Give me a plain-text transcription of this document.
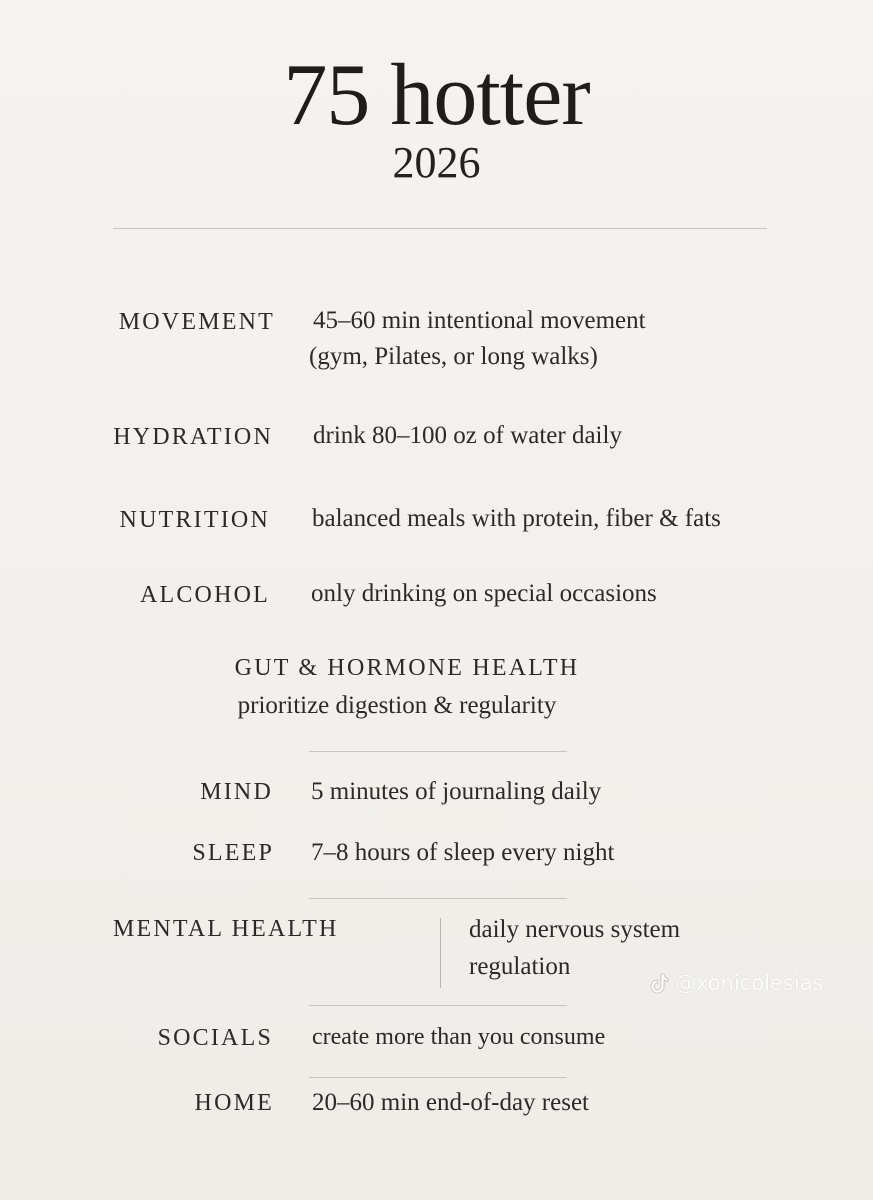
75 hotter
2026
MOVEMENT 45–60 min intentional movement
(gym, Pilates, or long walks)
HYDRATION drink 80–100 oz of water daily
NUTRITION balanced meals with protein, fiber & fats
ALCOHOL only drinking on special occasions
GUT & HORMONE HEALTH
prioritize digestion & regularity
MIND 5 minutes of journaling daily
SLEEP 7–8 hours of sleep every night
MENTAL HEALTH	daily nervous system
regulation
SOCIALS create more than you consume
HOME 20–60 min end-of-day reset
@xonicolesias
